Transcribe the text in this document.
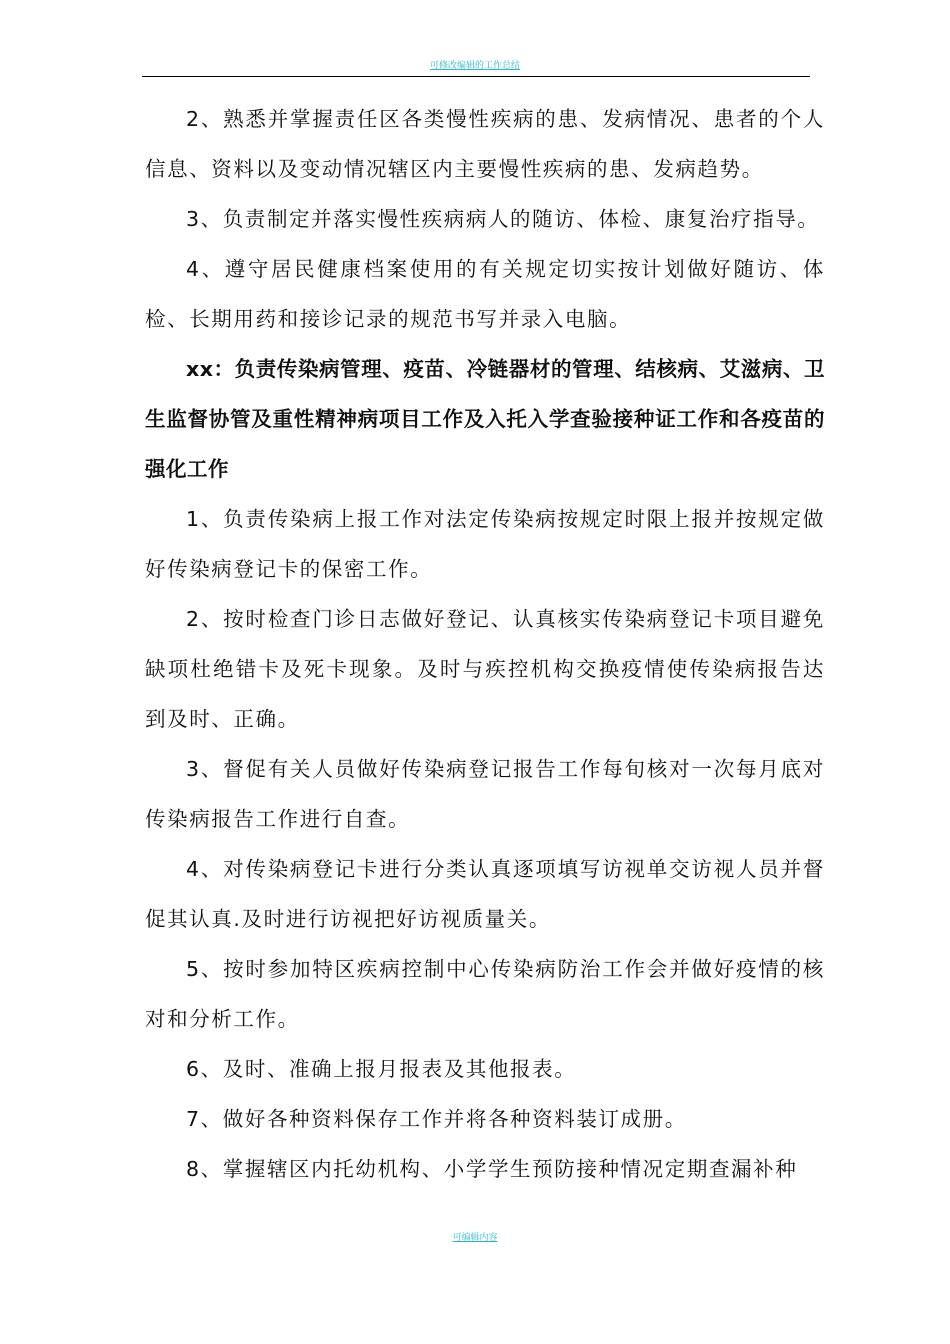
可修改编辑的工作总结

2、熟悉并掌握责任区各类慢性疾病的患、发病情况、患者的个人信息、资料以及变动情况辖区内主要慢性疾病的患、发病趋势。

3、负责制定并落实慢性疾病病人的随访、体检、康复治疗指导。

4、遵守居民健康档案使用的有关规定切实按计划做好随访、体检、长期用药和接诊记录的规范书写并录入电脑。

xx：负责传染病管理、疫苗、冷链器材的管理、结核病、艾滋病、卫生监督协管及重性精神病项目工作及入托入学查验接种证工作和各疫苗的强化工作

1、负责传染病上报工作对法定传染病按规定时限上报并按规定做好传染病登记卡的保密工作。

2、按时检查门诊日志做好登记、认真核实传染病登记卡项目避免缺项杜绝错卡及死卡现象。及时与疾控机构交换疫情使传染病报告达到及时、正确。

3、督促有关人员做好传染病登记报告工作每旬核对一次每月底对传染病报告工作进行自查。

4、对传染病登记卡进行分类认真逐项填写访视单交访视人员并督促其认真.及时进行访视把好访视质量关。

5、按时参加特区疾病控制中心传染病防治工作会并做好疫情的核对和分析工作。

6、及时、准确上报月报表及其他报表。

7、做好各种资料保存工作并将各种资料装订成册。

8、掌握辖区内托幼机构、小学学生预防接种情况定期查漏补种

可编辑内容
